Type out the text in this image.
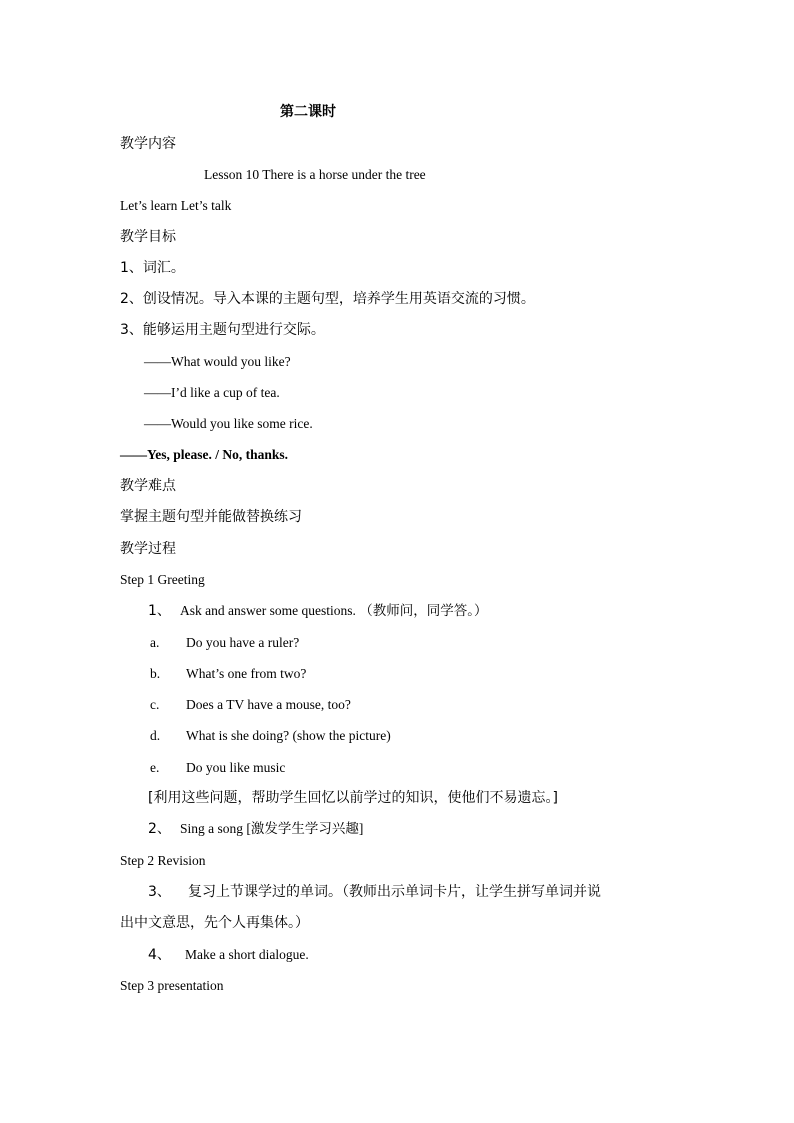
第二课时
教学内容
Lesson 10 There is a horse under the tree
Let’s learn Let’s talk
教学目标
1、词汇。
2、创设情况。导入本课的主题句型，培养学生用英语交流的习惯。
3、能够运用主题句型进行交际。
——What would you like?
——I’d like a cup of tea.
——Would you like some rice.
——Yes, please. / No, thanks.
教学难点
掌握主题句型并能做替换练习
教学过程
Step 1 Greeting
1、 Ask and answer some questions. （教师问，同学答。）
a. Do you have a ruler?
b. What’s one from two?
c. Does a TV have a mouse, too?
d. What is she doing? (show the picture)
e. Do you like music
[利用这些问题，帮助学生回忆以前学过的知识，使他们不易遗忘。]
2、 Sing a song [激发学生学习兴趣]
Step 2 Revision
3、 复习上节课学过的单词。（教师出示单词卡片，让学生拼写单词并说
出中文意思，先个人再集体。）
4、 Make a short dialogue.
Step 3 presentation
